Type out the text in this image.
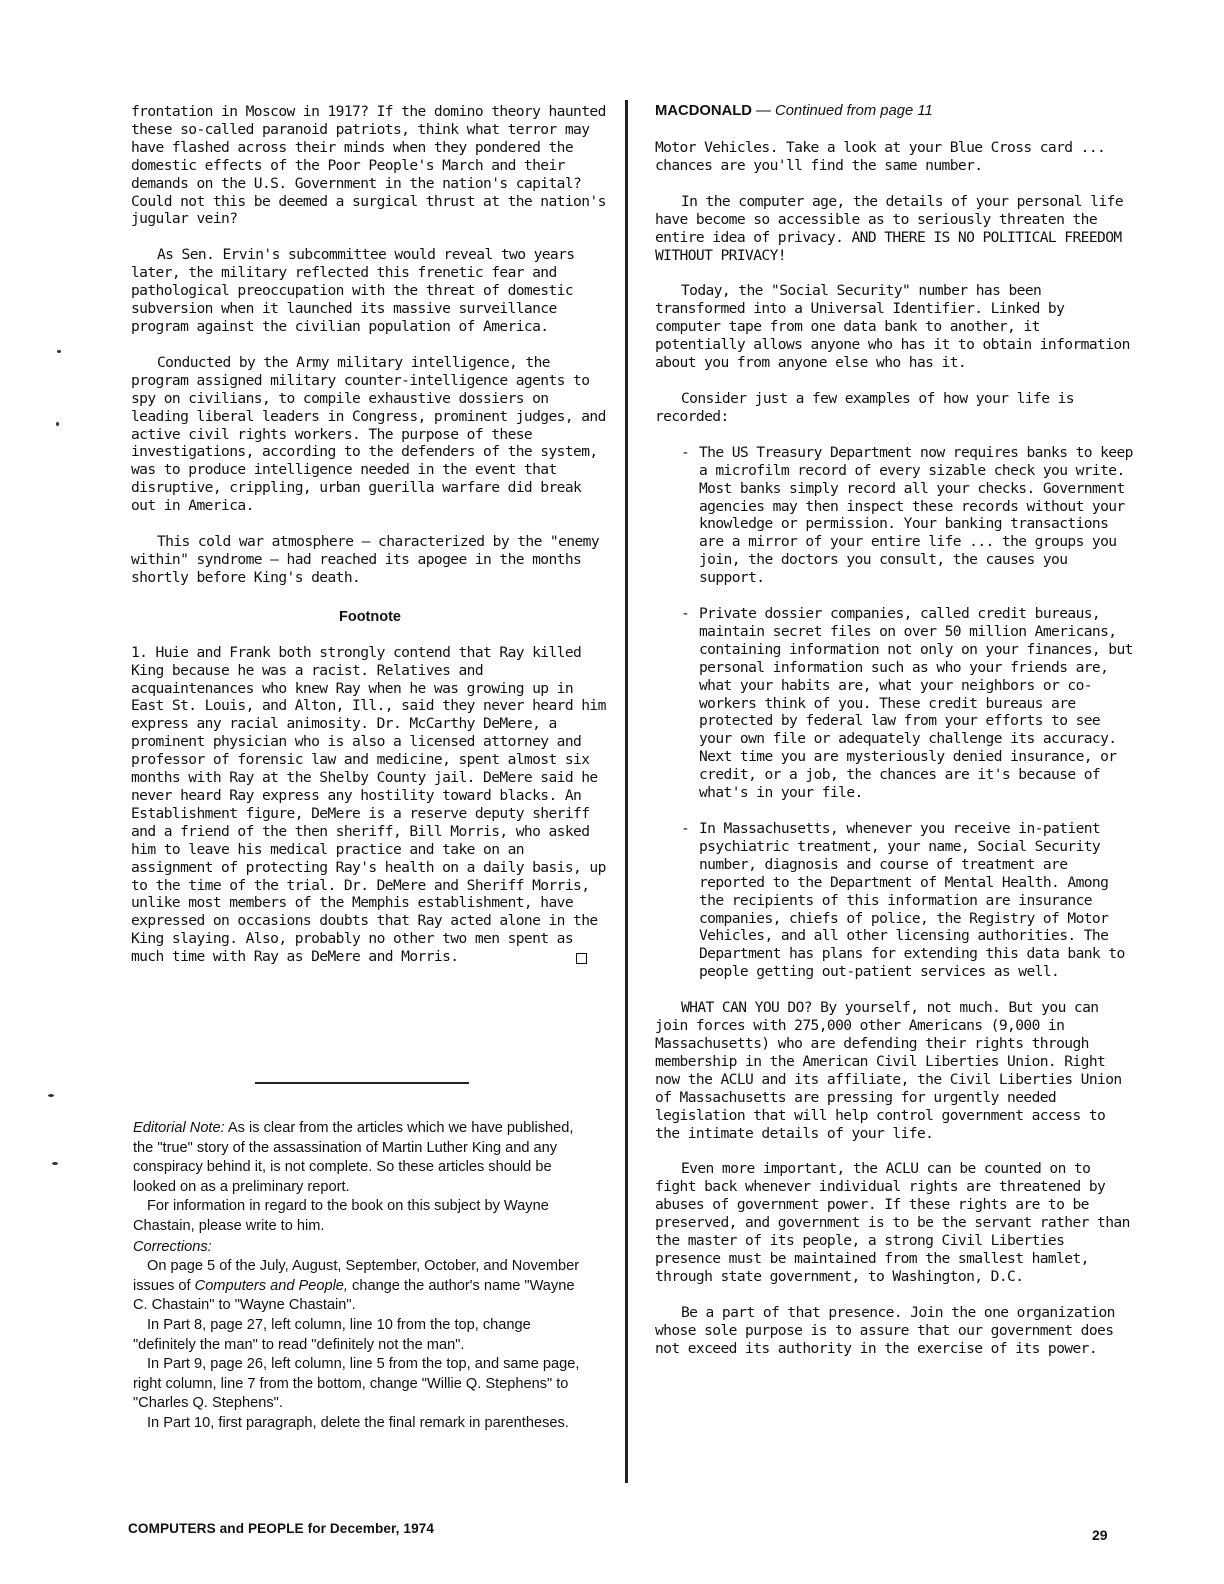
frontation in Moscow in 1917? If the domino theory haunted these so-called paranoid patriots, think what terror may have flashed across their minds when they pondered the domestic effects of the Poor People's March and their demands on the U.S. Government in the nation's capital? Could not this be deemed a surgical thrust at the nation's jugular vein?

As Sen. Ervin's subcommittee would reveal two years later, the military reflected this frenetic fear and pathological preoccupation with the threat of domestic subversion when it launched its massive surveillance program against the civilian population of America.

Conducted by the Army military intelligence, the program assigned military counter-intelligence agents to spy on civilians, to compile exhaustive dossiers on leading liberal leaders in Congress, prominent judges, and active civil rights workers. The purpose of these investigations, according to the defenders of the system, was to produce intelligence needed in the event that disruptive, crippling, urban guerilla warfare did break out in America.

This cold war atmosphere — characterized by the "enemy within" syndrome — had reached its apogee in the months shortly before King's death.

Footnote

1. Huie and Frank both strongly contend that Ray killed King because he was a racist. Relatives and acquaintenances who knew Ray when he was growing up in East St. Louis, and Alton, Ill., said they never heard him express any racial animosity. Dr. McCarthy DeMere, a prominent physician who is also a licensed attorney and professor of forensic law and medicine, spent almost six months with Ray at the Shelby County jail. DeMere said he never heard Ray express any hostility toward blacks. An Establishment figure, DeMere is a reserve deputy sheriff and a friend of the then sheriff, Bill Morris, who asked him to leave his medical practice and take on an assignment of protecting Ray's health on a daily basis, up to the time of the trial. Dr. DeMere and Sheriff Morris, unlike most members of the Memphis establishment, have expressed on occasions doubts that Ray acted alone in the King slaying. Also, probably no other two men spent as much time with Ray as DeMere and Morris.

Editorial Note: As is clear from the articles which we have published, the "true" story of the assassination of Martin Luther King and any conspiracy behind it, is not complete. So these articles should be looked on as a preliminary report.

For information in regard to the book on this subject by Wayne Chastain, please write to him.

Corrections:

On page 5 of the July, August, September, October, and November issues of Computers and People, change the author's name "Wayne C. Chastain" to "Wayne Chastain".

In Part 8, page 27, left column, line 10 from the top, change "definitely the man" to read "definitely not the man".

In Part 9, page 26, left column, line 5 from the top, and same page, right column, line 7 from the bottom, change "Willie Q. Stephens" to "Charles Q. Stephens".

In Part 10, first paragraph, delete the final remark in parentheses.

MACDONALD — Continued from page 11

Motor Vehicles. Take a look at your Blue Cross card ... chances are you'll find the same number.

In the computer age, the details of your personal life have become so accessible as to seriously threaten the entire idea of privacy. AND THERE IS NO POLITICAL FREEDOM WITHOUT PRIVACY!

Today, the "Social Security" number has been transformed into a Universal Identifier. Linked by computer tape from one data bank to another, it potentially allows anyone who has it to obtain information about you from anyone else who has it.

Consider just a few examples of how your life is recorded:

- The US Treasury Department now requires banks to keep a microfilm record of every sizable check you write. Most banks simply record all your checks. Government agencies may then inspect these records without your knowledge or permission. Your banking transactions are a mirror of your entire life ... the groups you join, the doctors you consult, the causes you support.
- Private dossier companies, called credit bureaus, maintain secret files on over 50 million Americans, containing information not only on your finances, but personal information such as who your friends are, what your habits are, what your neighbors or co-workers think of you. These credit bureaus are protected by federal law from your efforts to see your own file or adequately challenge its accuracy. Next time you are mysteriously denied insurance, or credit, or a job, the chances are it's because of what's in your file.
- In Massachusetts, whenever you receive in-patient psychiatric treatment, your name, Social Security number, diagnosis and course of treatment are reported to the Department of Mental Health. Among the recipients of this information are insurance companies, chiefs of police, the Registry of Motor Vehicles, and all other licensing authorities. The Department has plans for extending this data bank to people getting out-patient services as well.

WHAT CAN YOU DO? By yourself, not much. But you can join forces with 275,000 other Americans (9,000 in Massachusetts) who are defending their rights through membership in the American Civil Liberties Union. Right now the ACLU and its affiliate, the Civil Liberties Union of Massachusetts are pressing for urgently needed legislation that will help control government access to the intimate details of your life.

Even more important, the ACLU can be counted on to fight back whenever individual rights are threatened by abuses of government power. If these rights are to be preserved, and government is to be the servant rather than the master of its people, a strong Civil Liberties presence must be maintained from the smallest hamlet, through state government, to Washington, D.C.

Be a part of that presence. Join the one organization whose sole purpose is to assure that our government does not exceed its authority in the exercise of its power.

COMPUTERS and PEOPLE for December, 1974	29
